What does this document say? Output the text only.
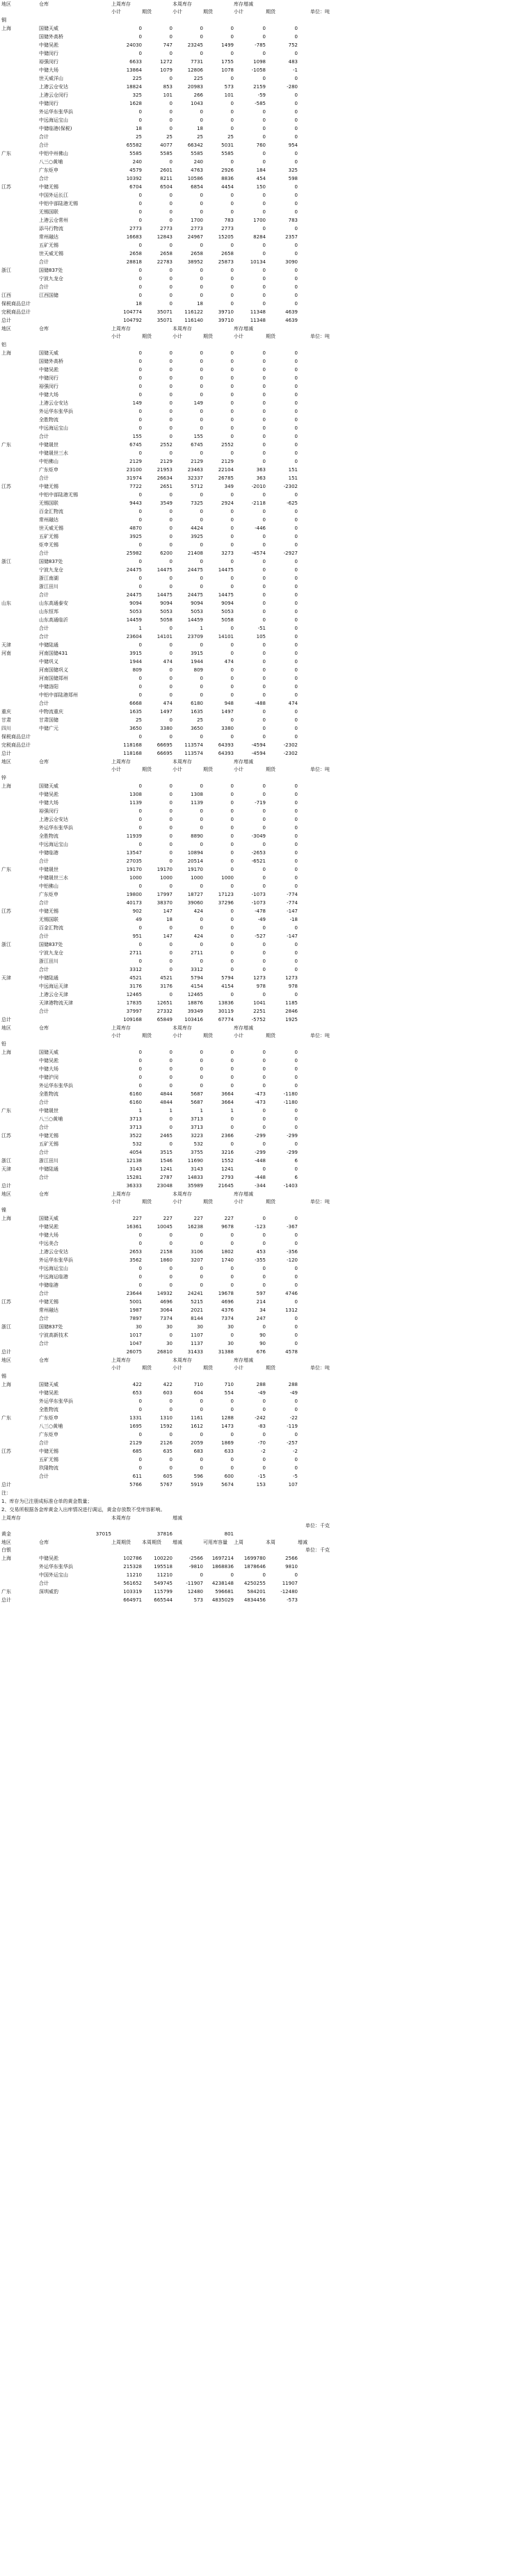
地区	仓库	上周库存	本周库存	库存增减
小计	期货	小计	期货	小计	期货	单位：吨
铜
上海	国储天威	0	0	0	0	0	0
国储外高桥	0	0	0	0	0	0
中储吴淞	24030	747	23245	1499	-785	752
中储闵行	0	0	0	0	0	0
裕强闵行	6633	1272	7731	1755	1098	483
中储大场	13864	1079	12806	1078	-1058	-1
世天威洋山	225	0	225	0	0	0
上港云仓安达	18824	853	20983	573	2159	-280
上港云仓闵行	325	101	266	101	-59	0
中储闵行	1628	0	1043	0	-585	0
外运华东张华浜	0	0	0	0	0	0
中远海运宝山	0	0	0	0	0	0
中储临港(保税)	18	0	18	0	0	0
合计	25	25	25	25	0	0
合计	65582	4077	66342	5031	760	954
广东	中铝中州佛山	5585	5585	5585	5585	0	0
八三○黄埔	240	0	240	0	0	0
广东炬申	4579	2601	4763	2926	184	325
合计	10392	8211	10586	8836	454	598
江苏	中储无锡	6704	6504	6854	4454	150	0
中国外运长江	0	0	0	0	0	0
中铝中部陆港无锡	0	0	0	0	0	0
无锡国联	0	0	0	0	0	0
上港云仓常州	0	0	1700	783	1700	783
添马行物流	2773	2773	2773	2773	0	0
常州融达	16683	12843	24967	15205	8284	2357
五矿无锡	0	0	0	0	0	0
世天威无锡	2658	2658	2658	2658	0	0
合计	28818	22783	38952	25873	10134	3090
浙江	国储837处	0	0	0	0	0	0
宁波九龙仓	0	0	0	0	0	0
合计	0	0	0	0	0	0
江西	江西国储	0	0	0	0	0	0
保税商品总计	18	0	18	0	0	0
完税商品总计	104774	35071	116122	39710	11348	4639
总计	104792	35071	116140	39710	11348	4639
地区	仓库	上周库存	本周库存	库存增减
小计	期货	小计	期货	小计	期货	单位：吨
铝
上海	国储天威	0	0	0	0	0	0
国储外高桥	0	0	0	0	0	0
中储吴淞	0	0	0	0	0	0
中储闵行	0	0	0	0	0	0
裕强闵行	0	0	0	0	0	0
中储大场	0	0	0	0	0	0
上港云仓安达	149	0	149	0	0	0
外运华东张华浜	0	0	0	0	0	0
全胜物流	0	0	0	0	0	0
中远海运宝山	0	0	0	0	0	0
合计	155	0	155	0	0	0
广东	中储晟世	6745	2552	6745	2552	0	0
中储晟世三水	0	0	0	0	0	0
中铝佛山	2129	2129	2129	2129	0	0
广东炬申	23100	21953	23463	22104	363	151
合计	31974	26634	32337	26785	363	151
江苏	中储无锡	7722	2651	5712	349	-2010	-2302
中铝中部陆港无锡	0	0	0	0	0	0
无锡国联	9443	3549	7325	2924	-2118	-625
百金汇物流	0	0	0	0	0	0
常州融达	0	0	0	0	0	0
世天威无锡	4870	0	4424	0	-446	0
五矿无锡	3925	0	3925	0	0	0
炬申无锡	0	0	0	0	0	0
合计	25982	6200	21408	3273	-4574	-2927
浙江	国储837处	0	0	0	0	0	0
宁波九龙仓	24475	14475	24475	14475	0	0
浙江南湖	0	0	0	0	0	0
浙江田川	0	0	0	0	0	0
合计	24475	14475	24475	14475	0	0
山东	山东高通泰安	9094	9094	9094	9094	0	0
山东恒邦	5053	5053	5053	5053	0	0
山东高通临沂	14459	5058	14459	5058	0	0
合计	1	0	1	0	-51	0
合计	23604	14101	23709	14101	105	0
天津	中储陆通	0	0	0	0	0	0
河南	河南国储431	3915	0	3915	0	0	0
中储巩义	1944	474	1944	474	0	0
河南国储巩义	809	0	809	0	0	0
河南国储郑州	0	0	0	0	0	0
中储洛阳	0	0	0	0	0	0
中铝中部陆港郑州	0	0	0	0	0	0
合计	6668	474	6180	948	-488	474
重庆	中物流重庆	1635	1497	1635	1497	0	0
甘肃	甘肃国储	25	0	25	0	0	0
四川	中储广元	3650	3380	3650	3380	0	0
保税商品总计	0	0	0	0	0	0
完税商品总计	118168	66695	113574	64393	-4594	-2302
总计	118168	66695	113574	64393	-4594	-2302
地区	仓库	上周库存	本周库存	库存增减
小计	期货	小计	期货	小计	期货	单位：吨
锌
上海	国储天威	0	0	0	0	0	0
中储吴淞	1308	0	1308	0	0	0
中储大场	1139	0	1139	0	-719	0
裕强闵行	0	0	0	0	0	0
上港云仓安达	0	0	0	0	0	0
外运华东张华浜	0	0	0	0	0	0
全胜物流	11939	0	8890	0	-3049	0
中远海运宝山	0	0	0	0	0	0
中储临港	13547	0	10894	0	-2653	0
合计	27035	0	20514	0	-6521	0
广东	中储晟世	19170	19170	19170	0	0	0
中储晟世三水	1000	1000	1000	1000	0	0
中铝佛山	0	0	0	0	0	0
广东炬申	19800	17997	18727	17123	-1073	-774
合计	40173	38370	39060	37296	-1073	-774
江苏	中储无锡	902	147	424	0	-478	-147
无锡国联	49	18	0	0	-49	-18
百金汇物流	0	0	0	0	0	0
合计	951	147	424	0	-527	-147
浙江	国储837处	0	0	0	0	0	0
宁波九龙仓	2711	0	2711	0	0	0
浙江田川	0	0	0	0	0	0
合计	3312	0	3312	0	0	0
天津	中储陆通	4521	4521	5794	5794	1273	1273
中远海运天津	3176	3176	4154	4154	978	978
上港云仓天津	12465	0	12465	0	0	0
天津港物流天津	17835	12651	18876	13836	1041	1185
合计	37997	27332	39349	30119	2251	2846
总计	109168	65849	103416	67774	-5752	1925
地区	仓库	上周库存	本周库存	库存增减
小计	期货	小计	期货	小计	期货	单位：吨
铅
上海	国储天威	0	0	0	0	0	0
中储吴淞	0	0	0	0	0	0
中储大场	0	0	0	0	0	0
中储沪闵	0	0	0	0	0	0
外运华东张华浜	0	0	0	0	0	0
全胜物流	6160	4844	5687	3664	-473	-1180
合计	6160	4844	5687	3664	-473	-1180
广东	中储晟世	1	1	1	1	0	0
八三○黄埔	3713	0	3713	0	0	0
合计	3713	0	3713	0	0	0
江苏	中储无锡	3522	2465	3223	2366	-299	-299
五矿无锡	532	0	532	0	0	0
合计	4054	3515	3755	3216	-299	-299
浙江	浙江田川	12138	1546	11690	1552	-448	6
天津	中储陆通	3143	1241	3143	1241	0	0
合计	15281	2787	14833	2793	-448	6
总计	36333	23048	35989	21645	-344	-1403
地区	仓库	上周库存	本周库存	库存增减
小计	期货	小计	期货	小计	期货	单位：吨
镍
上海	国储天威	227	227	227	227	0	0
中储吴淞	16361	10045	16238	9678	-123	-367
中储大场	0	0	0	0	0	0
中远美合	0	0	0	0	0	0
上港云仓安达	2653	2158	3106	1802	453	-356
外运华东张华浜	3562	1860	3207	1740	-355	-120
中远海运宝山	0	0	0	0	0	0
中远海运临港	0	0	0	0	0	0
中储临港	0	0	0	0	0	0
合计	23644	14932	24241	19678	597	4746
江苏	中储无锡	5001	4696	5215	4696	214	0
常州融达	1987	3064	2021	4376	34	1312
合计	7897	7374	8144	7374	247	0
浙江	国储837处	30	30	30	30	0	0
宁波高新技术	1017	0	1107	0	90	0
合计	1047	30	1137	30	90	0
总计	26075	26810	31433	31388	676	4578
地区	仓库	上周库存	本周库存	库存增减
小计	期货	小计	期货	小计	期货	单位：吨
锡
上海	国储天威	422	422	710	710	288	288
中储吴淞	653	603	604	554	-49	-49
外运华东张华浜	0	0	0	0	0	0
全胜物流	0	0	0	0	0	0
广东	广东炬申	1331	1310	1161	1288	-242	-22
八三○黄埔	1695	1592	1612	1473	-83	-119
广东炬申	0	0	0	0	0	0
合计	2129	2126	2059	1869	-70	-257
江苏	中储无锡	685	635	683	633	-2	-2
五矿无锡	0	0	0	0	0	0
玖隆物流	0	0	0	0	0	0
合计	611	605	596	600	-15	-5
总计	5766	5767	5919	5674	153	107
注：
1、库存为已注册成标准仓单的黄金数量；
2、交易所根据各金库黄金入出库情况进行调运，黄金存放数不受库容影响。
上周库存	本周库存	增减
单位：千克
黄金	37015	37816	801
地区	仓库	上周期货	本周期货	增减	可用库容量	上周	本周	增减
白银	单位：千克
上海	中储吴淞	102786	100220	-2566	1697214	1699780	2566
外运华东张华浜	215328	195518	-9810	1868836	1878646	9810
中国外运宝山	11210	11210	0	0	0	0
合计	561652	549745	-11907	4238148	4250255	11907
广东	深圳威豹	103319	115799	12480	596681	584201	-12480
总计	664971	665544	573	4835029	4834456	-573
